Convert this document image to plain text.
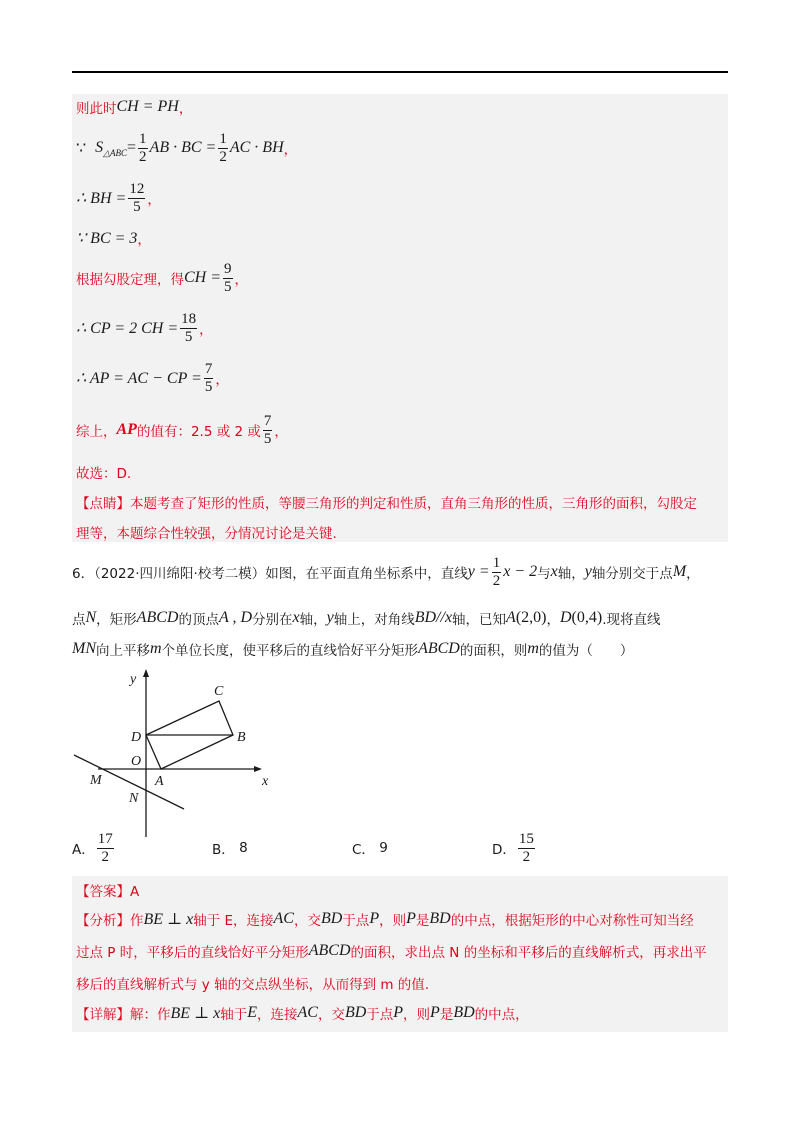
则此时 CH = PH ，
∵
S △ABC = $\frac{1}{2}$ AB · BC = $\frac{1}{2}$ AC · BH ，
∴ BH = $\frac{12}{5}$ ，
∵ BC = 3 ，
根据勾股定理，得 CH = $\frac{9}{5}$ ，
∴ CP = 2 CH = $\frac{18}{5}$ ，
∴ AP = AC − CP = $\frac{7}{5}$ ，
综上， AP 的值有：2.5 或 2 或 $\frac{7}{5}$ ，
故选：D.
【点睛】本题考查了矩形的性质，等腰三角形的判定和性质，直角三角形的性质，三角形的面积，勾股定
理等，本题综合性较强，分情况讨论是关键.
6．（2022·四川绵阳·校考二模）如图，在平面直角坐标系中，直线 $y = \frac{1}{2}$ x − 2 与 x 轴， y 轴分别交于点 M ，
点 N ，矩形 ABCD 的顶点 A , D 分别在 x 轴， y 轴上，对角线 BD // x 轴，已知 A (2,0) ， D (0,4) .现将直线
MN 向上平移 m 个单位长度，使平移后的直线恰好平分矩形 ABCD 的面积，则 m 的值为（　　）
y
x
C
D	B
O
M	A
N
A． $\frac{17}{2}$	B．
8	C．
9	D． $\frac{15}{2}$
【答案】A
【分析】作 BE ⊥ x 轴于 E，连接 AC ，交 BD 于点 P ，则 P 是 BD 的中点，根据矩形的中心对称性可知当经
过点 P 时，平移后的直线恰好平分矩形 ABCD 的面积，求出点 N 的坐标和平移后的直线解析式，再求出平
移后的直线解析式与 y 轴的交点纵坐标，从而得到 m 的值.
【详解】解：作 BE ⊥ x 轴于 E ，连接 AC ，交 BD 于点 P ，则 P 是 BD 的中点，
